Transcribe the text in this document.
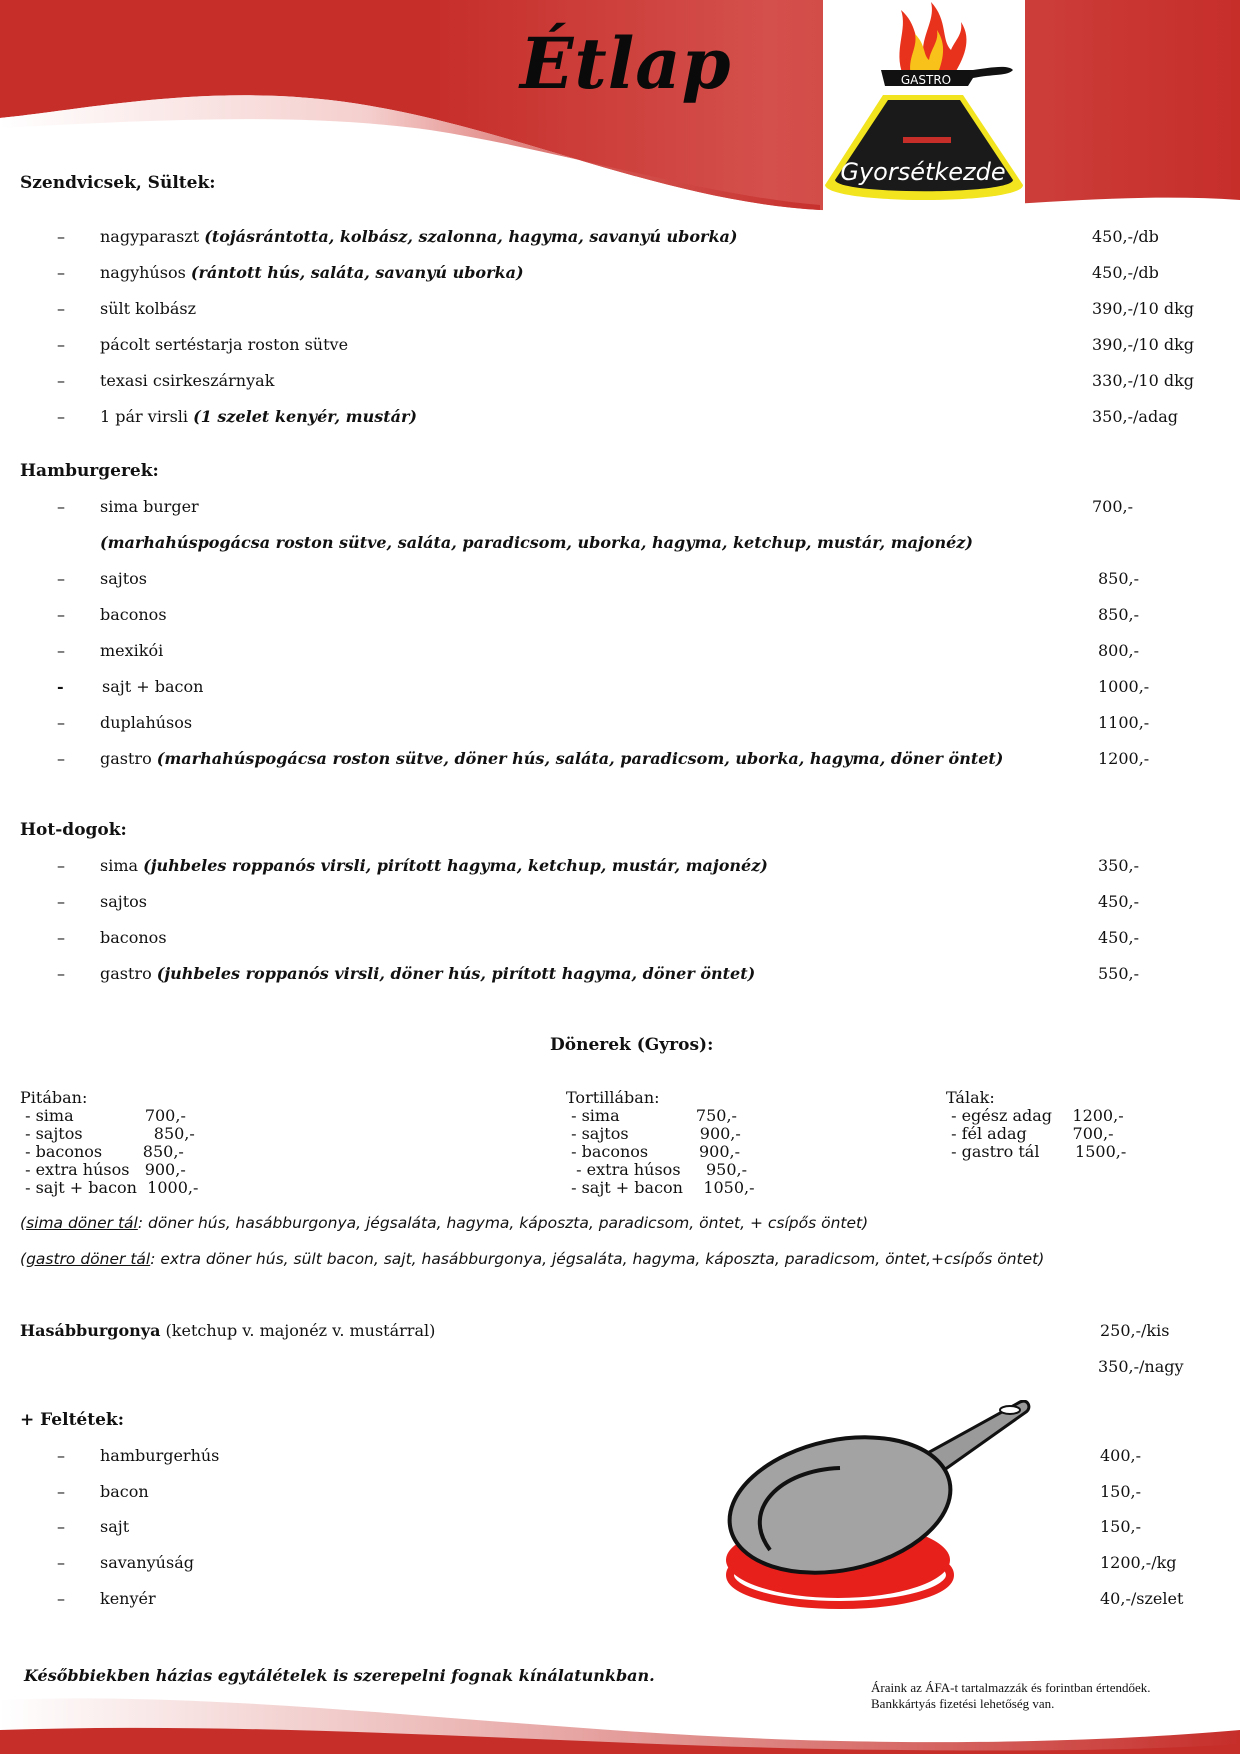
Étlap	GASTRO
Gyorsétkezde
Szendvicsek, Sültek:
– nagyparaszt (tojásrántotta, kolbász, szalonna, hagyma, savanyú uborka)	450,-/db
– nagyhúsos (rántott hús, saláta, savanyú uborka)	450,-/db
– sült kolbász	390,-/10 dkg
– pácolt sertéstarja roston sütve	390,-/10 dkg
– texasi csirkeszárnyak	330,-/10 dkg
– 1 pár virsli (1 szelet kenyér, mustár)	350,-/adag
Hamburgerek:
– sima burger	700,-
(marhahúspogácsa roston sütve, saláta, paradicsom, uborka, hagyma, ketchup, mustár, majonéz)
– sajtos	850,-
– baconos	850,-
– mexikói	800,-
- sajt + bacon	1000,-
– duplahúsos	1100,-
– gastro (marhahúspogácsa roston sütve, döner hús, saláta, paradicsom, uborka, hagyma, döner öntet)	1200,-
Hot-dogok:
– sima (juhbeles roppanós virsli, pirított hagyma, ketchup, mustár, majonéz)	350,-
– sajtos	450,-
– baconos	450,-
– gastro (juhbeles roppanós virsli, döner hús, pirított hagyma, döner öntet)	550,-
Dönerek (Gyros):
Pitában:
- sima              700,-
- sajtos              850,-
- baconos        850,-
- extra húsos   900,-
- sajt + bacon  1000,-
Tortillában:
- sima               750,-
- sajtos              900,-
- baconos          900,-
- extra húsos     950,-
- sajt + bacon    1050,-
Tálak:
- egész adag    1200,-
- fél adag         700,-
- gastro tál       1500,-
(sima döner tál: döner hús, hasábburgonya, jégsaláta, hagyma, káposzta, paradicsom, öntet, + csípős öntet)
(gastro döner tál: extra döner hús, sült bacon, sajt, hasábburgonya, jégsaláta, hagyma, káposzta, paradicsom, öntet,+csípős öntet)
Hasábburgonya (ketchup v. majonéz v. mustárral)	250,-/kis
350,-/nagy
+ Feltétek:
– hamburgerhús	400,-
– bacon	150,-
– sajt	150,-
– savanyúság	1200,-/kg
– kenyér	40,-/szelet
Későbbiekben házias egytálételek is szerepelni fognak kínálatunkban.
Áraink az ÁFA-t tartalmazzák és forintban értendőek.
Bankkártyás fizetési lehetőség van.
